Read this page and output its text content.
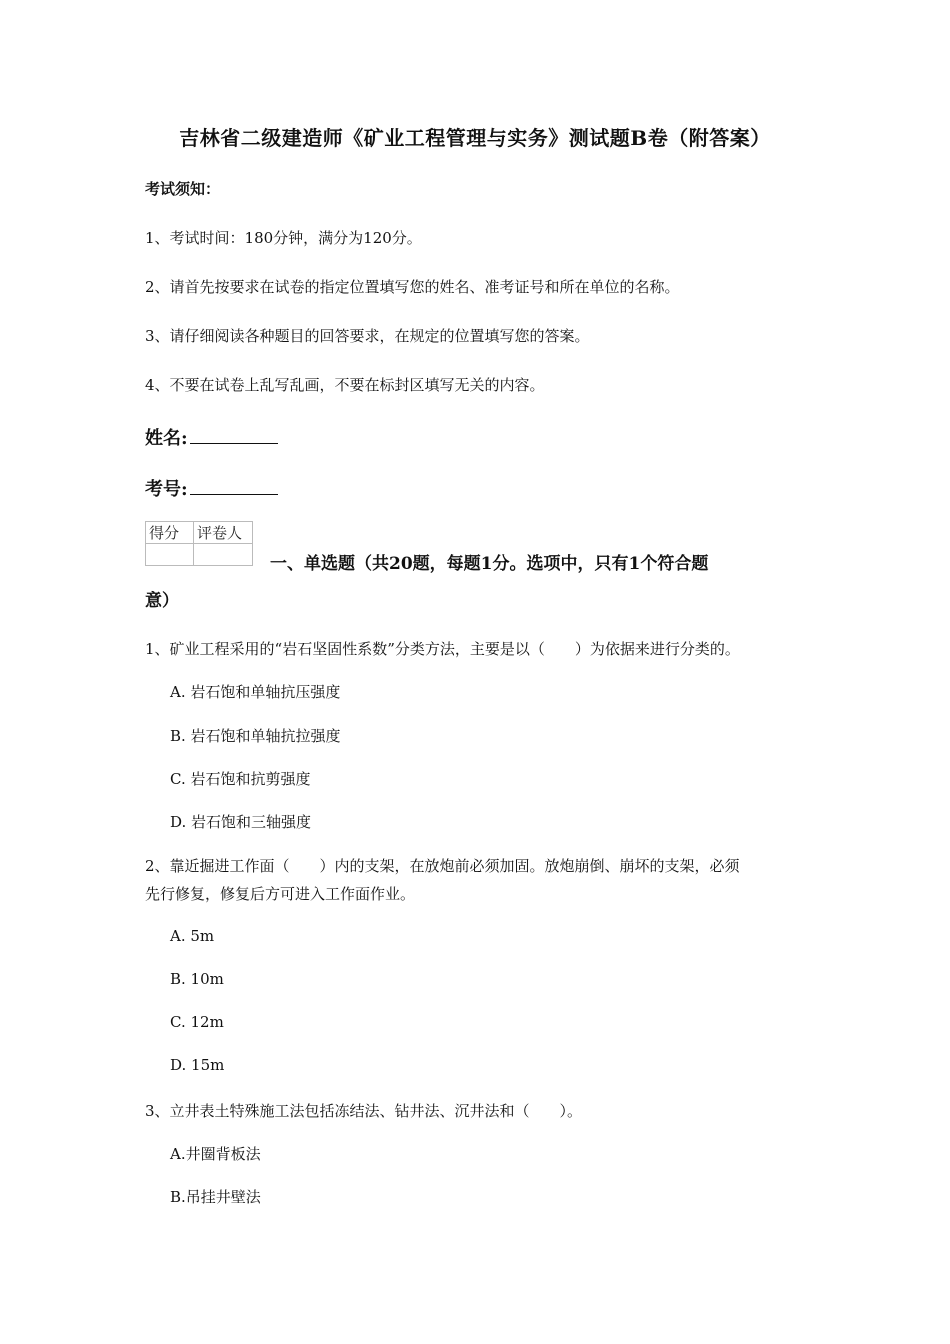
吉林省二级建造师《矿业工程管理与实务》测试题B卷（附答案）
考试须知：
1、考试时间：180分钟，满分为120分。
2、请首先按要求在试卷的指定位置填写您的姓名、准考证号和所在单位的名称。
3、请仔细阅读各种题目的回答要求，在规定的位置填写您的答案。
4、不要在试卷上乱写乱画，不要在标封区填写无关的内容。
姓名:
考号:
得分	评卷人

一、单选题（共20题，每题1分。选项中，只有1个符合题
意）
1、矿业工程采用的“岩石坚固性系数”分类方法，主要是以（　　）为依据来进行分类的。
A. 岩石饱和单轴抗压强度
B. 岩石饱和单轴抗拉强度
C. 岩石饱和抗剪强度
D. 岩石饱和三轴强度
2、靠近掘进工作面（　　）内的支架，在放炮前必须加固。放炮崩倒、崩坏的支架，必须
先行修复，修复后方可进入工作面作业。
A. 5m
B. 10m
C. 12m
D. 15m
3、立井表土特殊施工法包括冻结法、钻井法、沉井法和（　　）。
A.井圈背板法
B.吊挂井壁法
